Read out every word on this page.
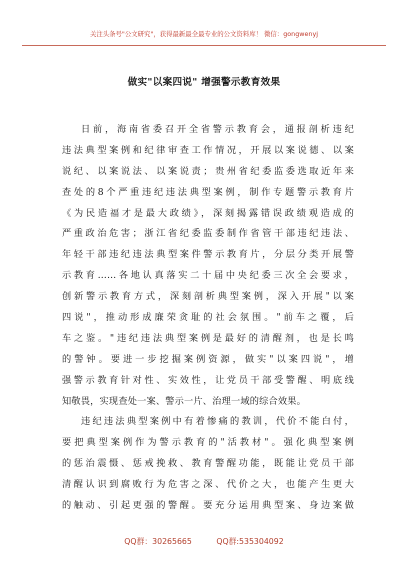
关注头条号"公文研究"，获得最新最全最专业的公文资料库！ 微信：gongwenyj
做实"以案四说" 增强警示教育效果
日前，海南省委召开全省警示教育会，通报剖析违纪
违法典型案例和纪律审查工作情况，开展以案说德、以案
说纪、以案说法、以案说责；贵州省纪委监委选取近年来
查处的8个严重违纪违法典型案例，制作专题警示教育片
《为民造福才是最大政绩》，深刻揭露错误政绩观造成的
严重政治危害；浙江省纪委监委制作省管干部违纪违法、
年轻干部违纪违法典型案件警示教育片，分层分类开展警
示教育……各地认真落实二十届中央纪委三次全会要求，
创新警示教育方式，深刻剖析典型案例，深入开展"以案
四说"，推动形成廉荣贪耻的社会氛围。"前车之覆，后
车之鉴。"违纪违法典型案例是最好的清醒剂，也是长鸣
的警钟。要进一步挖掘案例资源，做实"以案四说"，增
强警示教育针对性、实效性，让党员干部受警醒、明底线
知敬畏，实现查处一案、警示一片、治理一域的综合效果。
违纪违法典型案例中有着惨痛的教训，代价不能白付，
要把典型案例作为警示教育的"活教材"。强化典型案例
的惩治震慑、惩戒挽救、教育警醒功能，既能让党员干部
清醒认识到腐败行为危害之深、代价之大，也能产生更大
的触动、引起更强的警醒。要充分运用典型案、身边案做
QQ群：30265665	QQ群:535304092
